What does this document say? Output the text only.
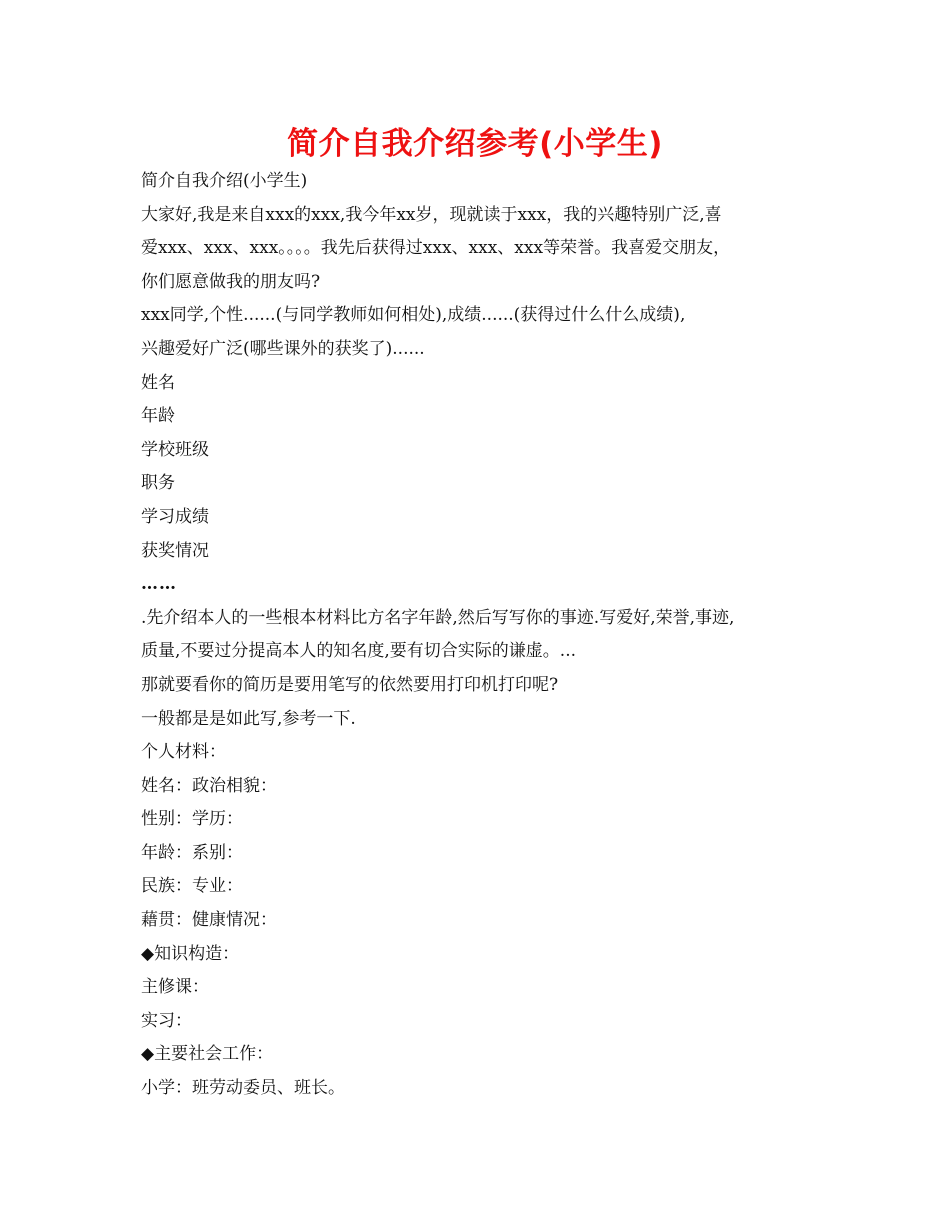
简介自我介绍参考(小学生)
简介自我介绍(小学生)
大家好,我是来自xxx的xxx,我今年xx岁，现就读于xxx，我的兴趣特别广泛,喜
爱xxx、xxx、xxx。。。。我先后获得过xxx、xxx、xxx等荣誉。我喜爱交朋友，
你们愿意做我的朋友吗?
xxx同学,个性......(与同学教师如何相处),成绩......(获得过什么什么成绩),
兴趣爱好广泛(哪些课外的获奖了)......
姓名
年龄
学校班级
职务
学习成绩
获奖情况
……
.先介绍本人的一些根本材料比方名字年龄,然后写写你的事迹.写爱好,荣誉,事迹,
质量,不要过分提高本人的知名度,要有切合实际的谦虚。...
那就要看你的简历是要用笔写的依然要用打印机打印呢?
一般都是是如此写,参考一下.
个人材料：
姓名：政治相貌：
性别：学历：
年龄：系别：
民族：专业：
藉贯：健康情况：
◆知识构造：
主修课：
实习：
◆主要社会工作：
小学：班劳动委员、班长。
